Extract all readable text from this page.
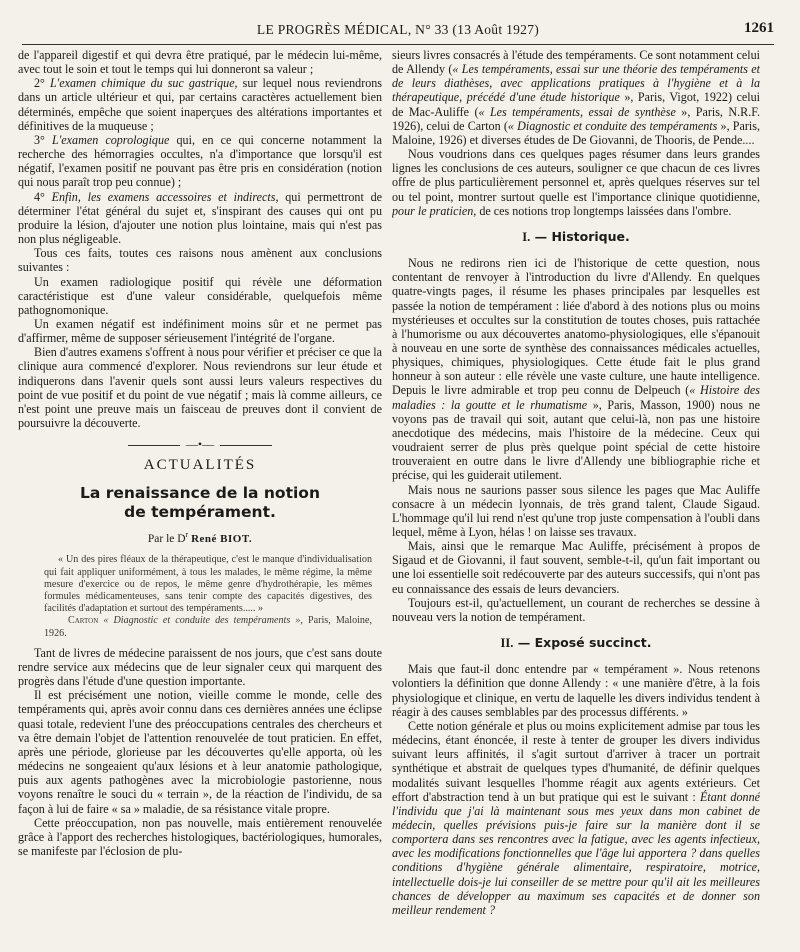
LE PROGRÈS MÉDICAL, N° 33 (13 Août 1927)	1261

de l'appareil digestif et qui devra être pratiqué, par le médecin lui-même, avec tout le soin et tout le temps qui lui donneront sa valeur ;

2° L'examen chimique du suc gastrique, sur lequel nous reviendrons dans un article ultérieur et qui, par certains caractères actuellement bien déterminés, empêche que soient inaperçues des altérations importantes et définitives de la muqueuse ;

3° L'examen coprologique qui, en ce qui concerne notamment la recherche des hémorragies occultes, n'a d'importance que lorsqu'il est négatif, l'examen positif ne pouvant pas être pris en considération (notion qui nous paraît trop peu connue) ;

4° Enfin, les examens accessoires et indirects, qui permettront de déterminer l'état général du sujet et, s'inspirant des causes qui ont pu produire la lésion, d'ajouter une notion plus lointaine, mais qui n'est pas non plus négligeable.

Tous ces faits, toutes ces raisons nous amènent aux conclusions suivantes :

Un examen radiologique positif qui révèle une déformation caractéristique est d'une valeur considérable, quelquefois même pathognomonique.

Un examen négatif est indéfiniment moins sûr et ne permet pas d'affirmer, même de supposer sérieusement l'intégrité de l'organe.

Bien d'autres examens s'offrent à nous pour vérifier et préciser ce que la clinique aura commencé d'explorer. Nous reviendrons sur leur étude et indiquerons dans l'avenir quels sont aussi leurs valeurs respectives du point de vue positif et du point de vue négatif ; mais là comme ailleurs, ce n'est point une preuve mais un faisceau de preuves dont il convient de poursuivre la découverte.

—•—
ACTUALITÉS
La renaissance de la notion
de tempérament.
Par le $D^r$ René BIOT.

« Un des pires fléaux de la thérapeutique, c'est le manque d'individualisation qui fait appliquer uniformément, à tous les malades, le même régime, la même mesure d'exercice ou de repos, le même genre d'hydrothérapie, les mêmes formules médicamenteuses, sans tenir compte des capacités digestives, des facilités d'adaptation et surtout des tempéraments..... »

Carton « Diagnostic et conduite des tempéraments », Paris, Maloine, 1926.

Tant de livres de médecine paraissent de nos jours, que c'est sans doute rendre service aux médecins que de leur signaler ceux qui marquent des progrès dans l'étude d'une question importante.

Il est précisément une notion, vieille comme le monde, celle des tempéraments qui, après avoir connu dans ces dernières années une éclipse quasi totale, redevient l'une des préoccupations centrales des chercheurs et va être demain l'objet de l'attention renouvelée de tout praticien. En effet, après une période, glorieuse par les découvertes qu'elle apporta, où les médecins ne songeaient qu'aux lésions et à leur anatomie pathologique, puis aux agents pathogènes avec la microbiologie pastorienne, nous voyons renaître le souci du « terrain », de la réaction de l'individu, de sa façon à lui de faire « sa » maladie, de sa résistance vitale propre.

Cette préoccupation, non pas nouvelle, mais entièrement renouvelée grâce à l'apport des recherches histologiques, bactériologiques, humorales, se manifeste par l'éclosion de plu-

sieurs livres consacrés à l'étude des tempéraments. Ce sont notamment celui de Allendy (« Les tempéraments, essai sur une théorie des tempéraments et de leurs diathèses, avec applications pratiques à l'hygiène et à la thérapeutique, précédé d'une étude historique », Paris, Vigot, 1922) celui de Mac-Auliffe (« Les tempéraments, essai de synthèse », Paris, N.R.F. 1926), celui de Carton (« Diagnostic et conduite des tempéraments », Paris, Maloine, 1926) et diverses études de De Giovanni, de Thooris, de Pende....

Nous voudrions dans ces quelques pages résumer dans leurs grandes lignes les conclusions de ces auteurs, souligner ce que chacun de ces livres offre de plus particulièrement personnel et, après quelques réserves sur tel ou tel point, montrer surtout quelle est l'importance clinique quotidienne, pour le praticien, de ces notions trop longtemps laissées dans l'ombre.

I. — Historique.

Nous ne redirons rien ici de l'historique de cette question, nous contentant de renvoyer à l'introduction du livre d'Allendy. En quelques quatre-vingts pages, il résume les phases principales par lesquelles est passée la notion de tempérament : liée d'abord à des notions plus ou moins mystérieuses et occultes sur la constitution de toutes choses, puis rattachée à l'humorisme ou aux découvertes anatomo-physiologiques, elle s'épanouit à nouveau en une sorte de synthèse des connaissances médicales actuelles, physiques, chimiques, physiologiques. Cette étude fait le plus grand honneur à son auteur : elle révèle une vaste culture, une haute intelligence. Depuis le livre admirable et trop peu connu de Delpeuch (« Histoire des maladies : la goutte et le rhumatisme », Paris, Masson, 1900) nous ne voyons pas de travail qui soit, autant que celui-là, non pas une histoire anecdotique des médecins, mais l'histoire de la médecine. Ceux qui voudraient serrer de plus près quelque point spécial de cette histoire trouveraient en outre dans le livre d'Allendy une bibliographie riche et précise, qui les guiderait utilement.

Mais nous ne saurions passer sous silence les pages que Mac Auliffe consacre à un médecin lyonnais, de très grand talent, Claude Sigaud. L'hommage qu'il lui rend n'est qu'une trop juste compensation à l'oubli dans lequel, même à Lyon, hélas ! on laisse ses travaux.

Mais, ainsi que le remarque Mac Auliffe, précisément à propos de Sigaud et de Giovanni, il faut souvent, semble-t-il, qu'un fait important ou une loi essentielle soit redécouverte par des auteurs successifs, qui n'ont pas eu connaissance des essais de leurs devanciers.

Toujours est-il, qu'actuellement, un courant de recherches se dessine à nouveau vers la notion de tempérament.

II. — Exposé succinct.

Mais que faut-il donc entendre par « tempérament ». Nous retenons volontiers la définition que donne Allendy : « une manière d'être, à la fois physiologique et clinique, en vertu de laquelle les divers individus tendent à réagir à des causes semblables par des processus différents. »

Cette notion générale et plus ou moins explicitement admise par tous les médecins, étant énoncée, il reste à tenter de grouper les divers individus suivant leurs affinités, il s'agit surtout d'arriver à tracer un portrait synthétique et abstrait de quelques types d'humanité, de définir quelques modalités suivant lesquelles l'homme réagit aux agents extérieurs. Cet effort d'abstraction tend à un but pratique qui est le suivant : Étant donné l'individu que j'ai là maintenant sous mes yeux dans mon cabinet de médecin, quelles prévisions puis-je faire sur la manière dont il se comportera dans ses rencontres avec la fatigue, avec les agents infectieux, avec les modifications fonctionnelles que l'âge lui apportera ? dans quelles conditions d'hygiène générale alimentaire, respiratoire, motrice, intellectuelle dois-je lui conseiller de se mettre pour qu'il ait les meilleures chances de développer au maximum ses capacités et de donner son meilleur rendement ?
